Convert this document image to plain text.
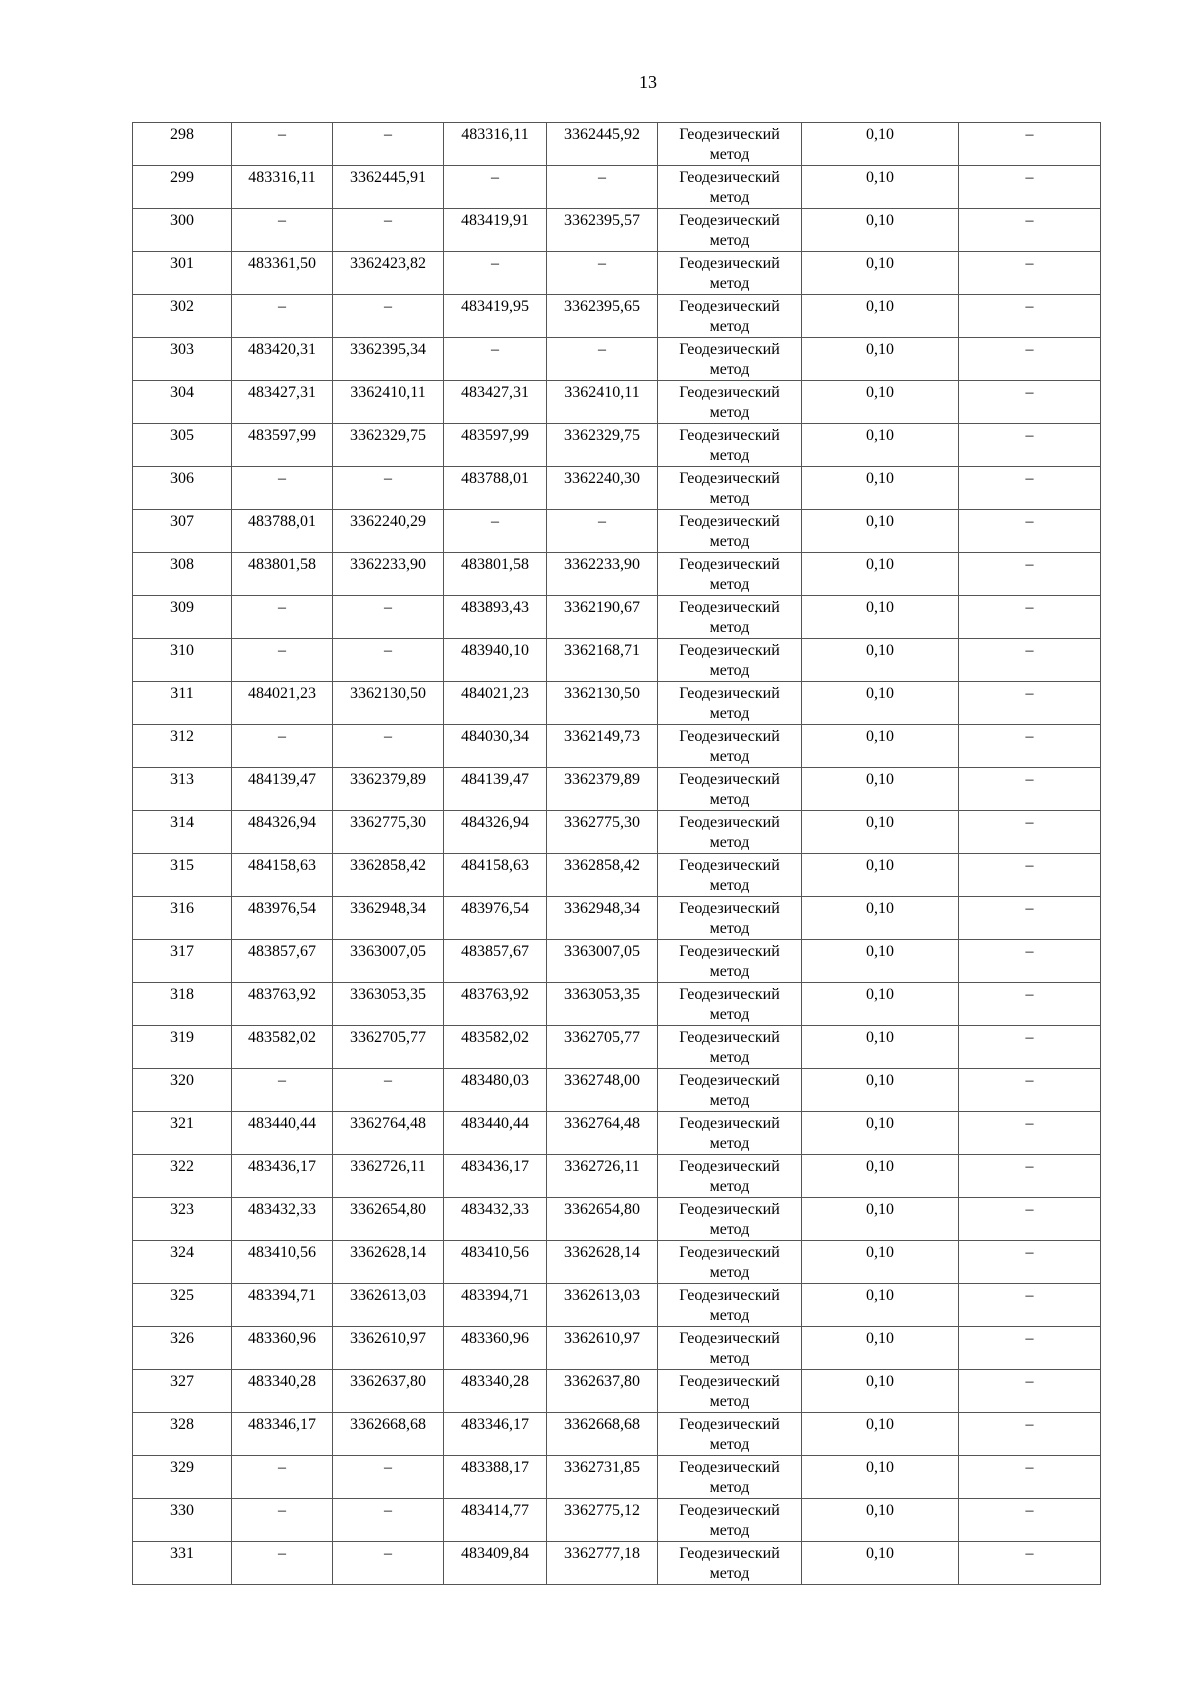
13
298	–	–	483316,11	3362445,92	Геодезический метод	0,10	–
299	483316,11	3362445,91	–	–	Геодезический метод	0,10	–
300	–	–	483419,91	3362395,57	Геодезический метод	0,10	–
301	483361,50	3362423,82	–	–	Геодезический метод	0,10	–
302	–	–	483419,95	3362395,65	Геодезический метод	0,10	–
303	483420,31	3362395,34	–	–	Геодезический метод	0,10	–
304	483427,31	3362410,11	483427,31	3362410,11	Геодезический метод	0,10	–
305	483597,99	3362329,75	483597,99	3362329,75	Геодезический метод	0,10	–
306	–	–	483788,01	3362240,30	Геодезический метод	0,10	–
307	483788,01	3362240,29	–	–	Геодезический метод	0,10	–
308	483801,58	3362233,90	483801,58	3362233,90	Геодезический метод	0,10	–
309	–	–	483893,43	3362190,67	Геодезический метод	0,10	–
310	–	–	483940,10	3362168,71	Геодезический метод	0,10	–
311	484021,23	3362130,50	484021,23	3362130,50	Геодезический метод	0,10	–
312	–	–	484030,34	3362149,73	Геодезический метод	0,10	–
313	484139,47	3362379,89	484139,47	3362379,89	Геодезический метод	0,10	–
314	484326,94	3362775,30	484326,94	3362775,30	Геодезический метод	0,10	–
315	484158,63	3362858,42	484158,63	3362858,42	Геодезический метод	0,10	–
316	483976,54	3362948,34	483976,54	3362948,34	Геодезический метод	0,10	–
317	483857,67	3363007,05	483857,67	3363007,05	Геодезический метод	0,10	–
318	483763,92	3363053,35	483763,92	3363053,35	Геодезический метод	0,10	–
319	483582,02	3362705,77	483582,02	3362705,77	Геодезический метод	0,10	–
320	–	–	483480,03	3362748,00	Геодезический метод	0,10	–
321	483440,44	3362764,48	483440,44	3362764,48	Геодезический метод	0,10	–
322	483436,17	3362726,11	483436,17	3362726,11	Геодезический метод	0,10	–
323	483432,33	3362654,80	483432,33	3362654,80	Геодезический метод	0,10	–
324	483410,56	3362628,14	483410,56	3362628,14	Геодезический метод	0,10	–
325	483394,71	3362613,03	483394,71	3362613,03	Геодезический метод	0,10	–
326	483360,96	3362610,97	483360,96	3362610,97	Геодезический метод	0,10	–
327	483340,28	3362637,80	483340,28	3362637,80	Геодезический метод	0,10	–
328	483346,17	3362668,68	483346,17	3362668,68	Геодезический метод	0,10	–
329	–	–	483388,17	3362731,85	Геодезический метод	0,10	–
330	–	–	483414,77	3362775,12	Геодезический метод	0,10	–
331	–	–	483409,84	3362777,18	Геодезический метод	0,10	–
